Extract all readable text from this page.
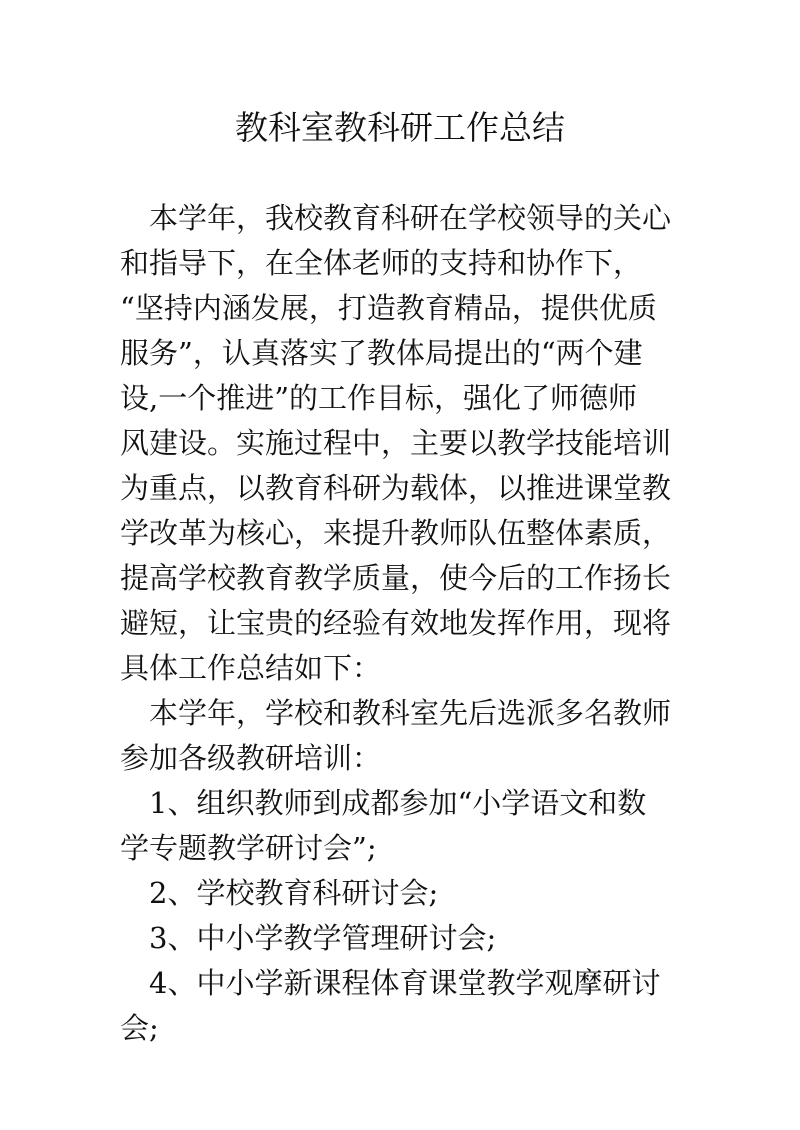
教科室教科研工作总结

本学年，我校教育科研在学校领导的关心
和指导下，在全体老师的支持和协作下，
“坚持内涵发展，打造教育精品，提供优质
服务”，认真落实了教体局提出的“两个建
设,一个推进”的工作目标，强化了师德师
风建设。实施过程中，主要以教学技能培训
为重点，以教育科研为载体，以推进课堂教
学改革为核心，来提升教师队伍整体素质，
提高学校教育教学质量，使今后的工作扬长
避短，让宝贵的经验有效地发挥作用，现将
具体工作总结如下：

本学年，学校和教科室先后选派多名教师
参加各级教研培训：

1、组织教师到成都参加“小学语文和数
学专题教学研讨会”;

2、学校教育科研讨会;

3、中小学教学管理研讨会;

4、中小学新课程体育课堂教学观摩研讨
会;
